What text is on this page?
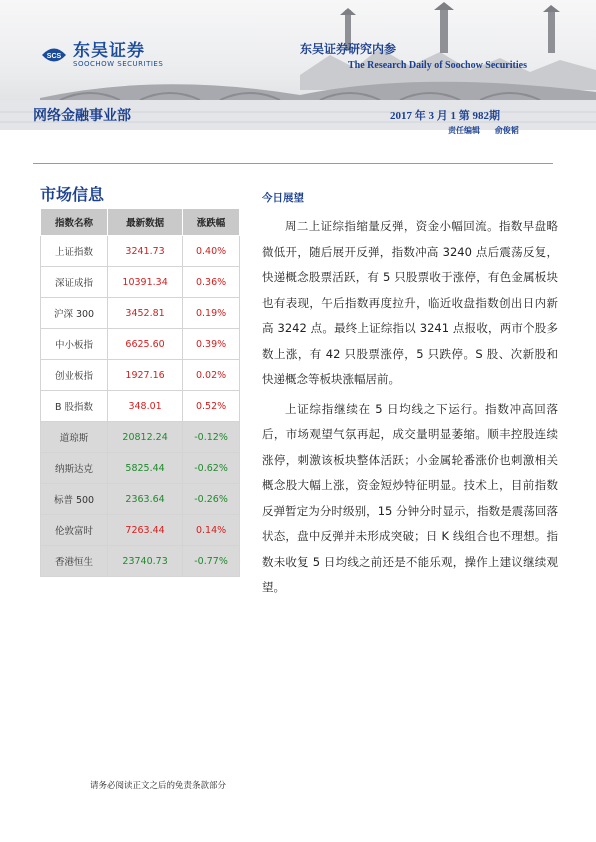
SCS 东吴证券
SOOCHOW SECURITIES
东吴证券研究内参
The Research Daily of Soochow Securities
网络金融事业部	2017 年 3 月 1 第 982期
责任编辑 俞俊韬
市场信息
指数名称	最新数据	涨跌幅
上证指数	3241.73	0.40%
深证成指	10391.34	0.36%
沪深 300	3452.81	0.19%
中小板指	6625.60	0.39%
创业板指	1927.16	0.02%
B 股指数	348.01	0.52%
道琼斯	20812.24	-0.12%
纳斯达克	5825.44	-0.62%
标普 500	2363.64	-0.26%
伦敦富时	7263.44	0.14%
香港恒生	23740.73	-0.77%
今日展望

周二上证综指缩量反弹，资金小幅回流。指数早盘略微低开，随后展开反弹，指数冲高 3240 点后震荡反复，快递概念股票活跃，有 5 只股票收于涨停，有色金属板块也有表现，午后指数再度拉升，临近收盘指数创出日内新高 3242 点。最终上证综指以 3241 点报收，两市个股多数上涨，有 42 只股票涨停，5 只跌停。S 股、次新股和快递概念等板块涨幅居前。

上证综指继续在 5 日均线之下运行。指数冲高回落后，市场观望气氛再起，成交量明显萎缩。顺丰控股连续涨停，刺激该板块整体活跃；小金属轮番涨价也刺激相关概念股大幅上涨，资金短炒特征明显。技术上，目前指数反弹暂定为分时级别，15 分钟分时显示，指数是震荡回落状态，盘中反弹并未形成突破；日 K 线组合也不理想。指数未收复 5 日均线之前还是不能乐观，操作上建议继续观望。

请务必阅读正文之后的免责条款部分
